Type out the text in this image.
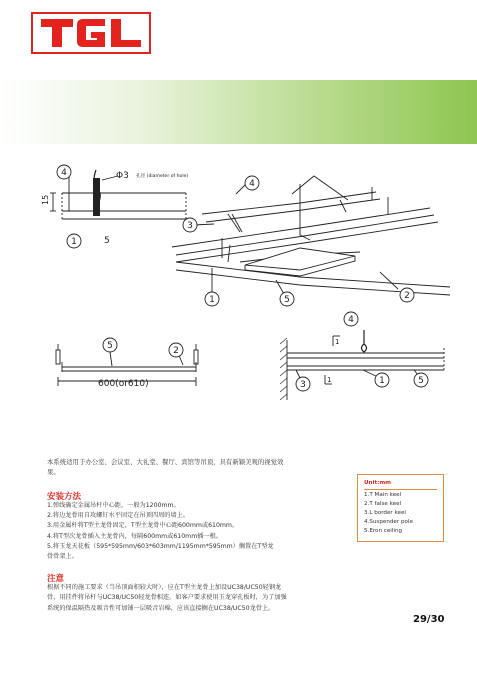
4
1
4
3
1	5	2
5	2
4
3	1	5
Φ3 孔径 (diameter of hole)
15
5
600(or610)
1
1
本系统适用于办公室、会议室、大礼堂、餐厅、宾馆等吊顶，具有新颖美观的视觉效果。
安装方法
1.弹线确定金属吊杆中心距，一般为1200mm。
2.将边龙骨用自攻螺钉水平固定在吊顶四周的墙上。
3.用金属杆将T型主龙骨固定，T型主龙骨中心距600mm或610mm。
4.将T型次龙骨插入主龙骨内，每隔600mm或610mm插一根。
5.将玉龙天花板（595*595mm/603*603mm/1195mm*595mm）搁置在T型龙骨骨架上。
注意
根据不同的施工要求（当吊顶面积较大时），应在T型主龙骨上加设UC38/UC50轻钢龙骨，用挂件将吊杆与UC38/UC50轻龙骨相连。如客户要求使用玉龙穿孔板时，为了加强系统的保温隔热及吸音性可加铺一层吸音岩棉，应该直接搁在UC38/UC50龙骨上。
Unit:mm
1.T Main keel
2.T false keel
3.L border keel
4.Suspender pole
5.Eron ceiling
29/30
